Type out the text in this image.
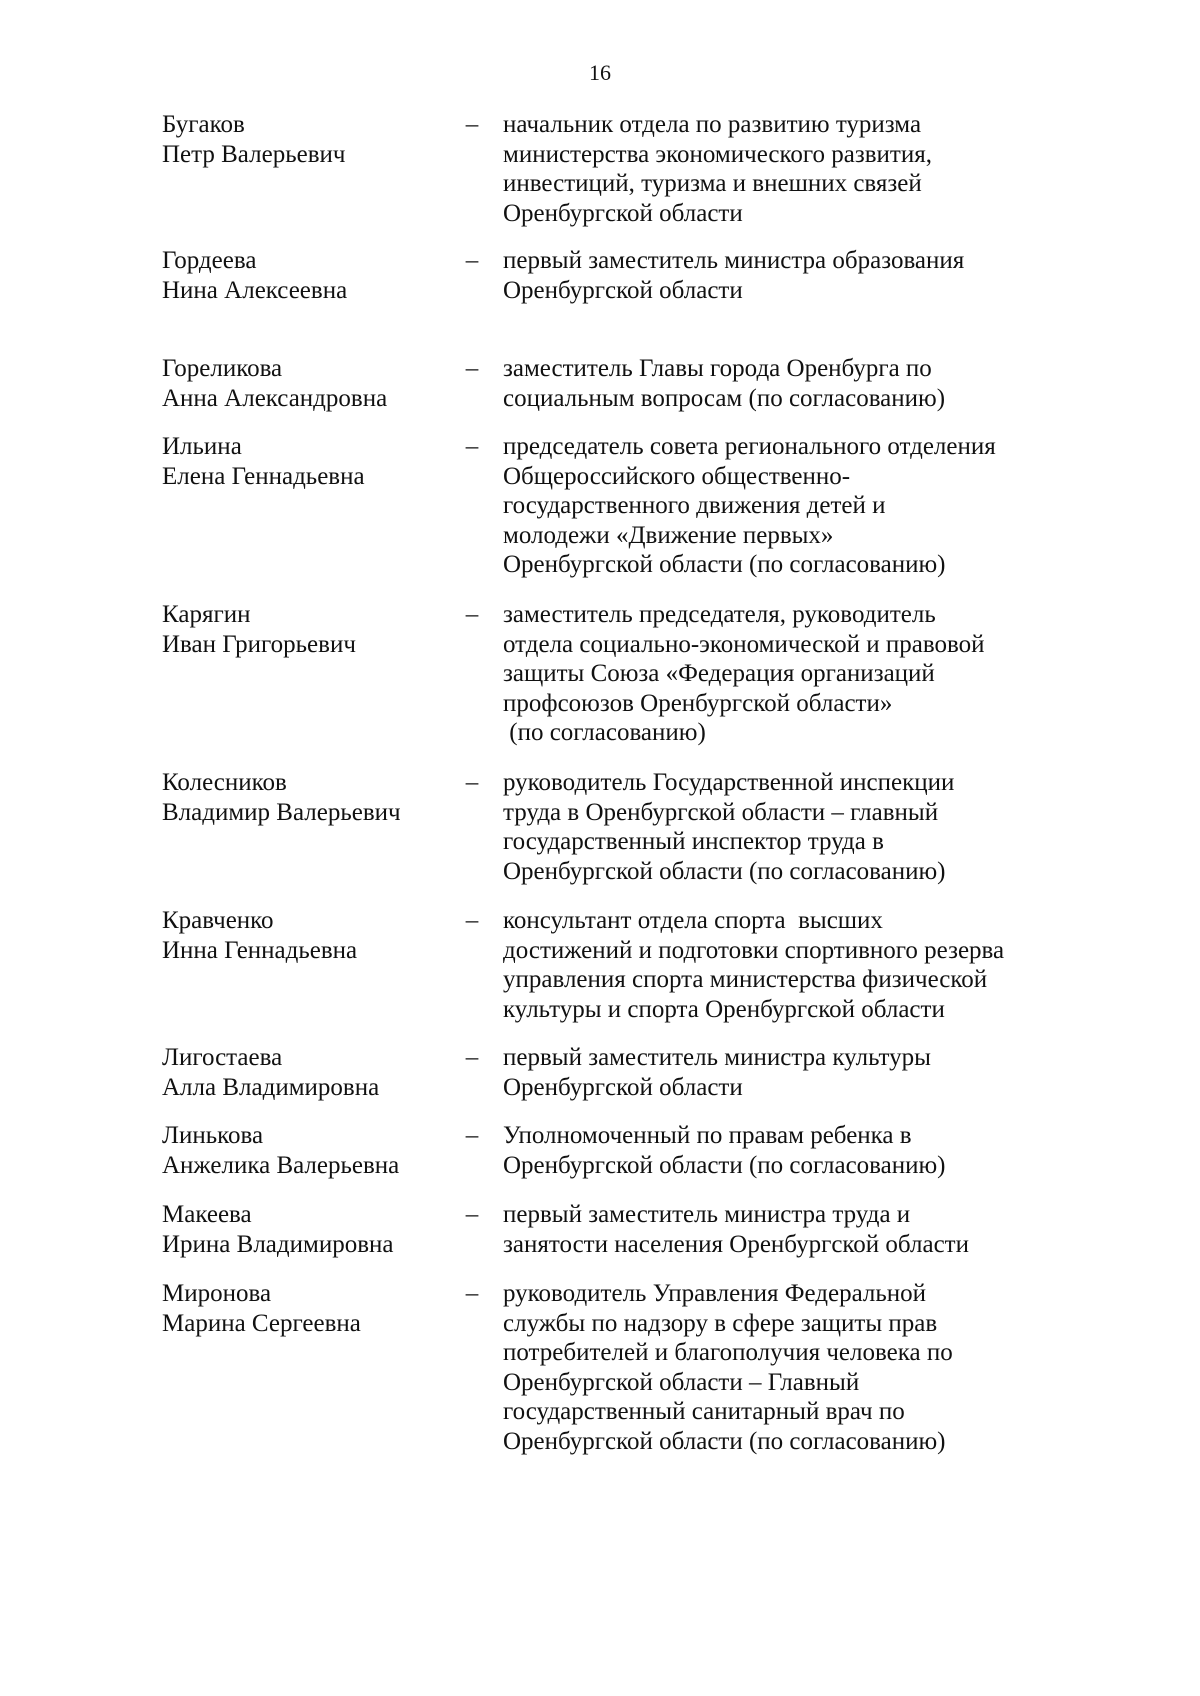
16
Бугаков
Петр Валерьевич
– начальник отдела по развитию туризма
министерства экономического развития,
инвестиций, туризма и внешних связей
Оренбургской области
Гордеева
Нина Алексеевна
– первый заместитель министра образования
Оренбургской области
Гореликова
Анна Александровна
– заместитель Главы города Оренбурга по
социальным вопросам (по согласованию)
Ильина
Елена Геннадьевна
– председатель совета регионального отделения
Общероссийского общественно-
государственного движения детей и
молодежи «Движение первых»
Оренбургской области (по согласованию)
Карягин
Иван Григорьевич
– заместитель председателя, руководитель
отдела социально-экономической и правовой
защиты Союза «Федерация организаций
профсоюзов Оренбургской области»
(по согласованию)
Колесников
Владимир Валерьевич
– руководитель Государственной инспекции
труда в Оренбургской области – главный
государственный инспектор труда в
Оренбургской области (по согласованию)
Кравченко
Инна Геннадьевна
– консультант отдела спорта  высших
достижений и подготовки спортивного резерва
управления спорта министерства физической
культуры и спорта Оренбургской области
Лигостаева
Алла Владимировна
– первый заместитель министра культуры
Оренбургской области
Линькова
Анжелика Валерьевна
– Уполномоченный по правам ребенка в
Оренбургской области (по согласованию)
Макеева
Ирина Владимировна
– первый заместитель министра труда и
занятости населения Оренбургской области
Миронова
Марина Сергеевна
– руководитель Управления Федеральной
службы по надзору в сфере защиты прав
потребителей и благополучия человека по
Оренбургской области – Главный
государственный санитарный врач по
Оренбургской области (по согласованию)
